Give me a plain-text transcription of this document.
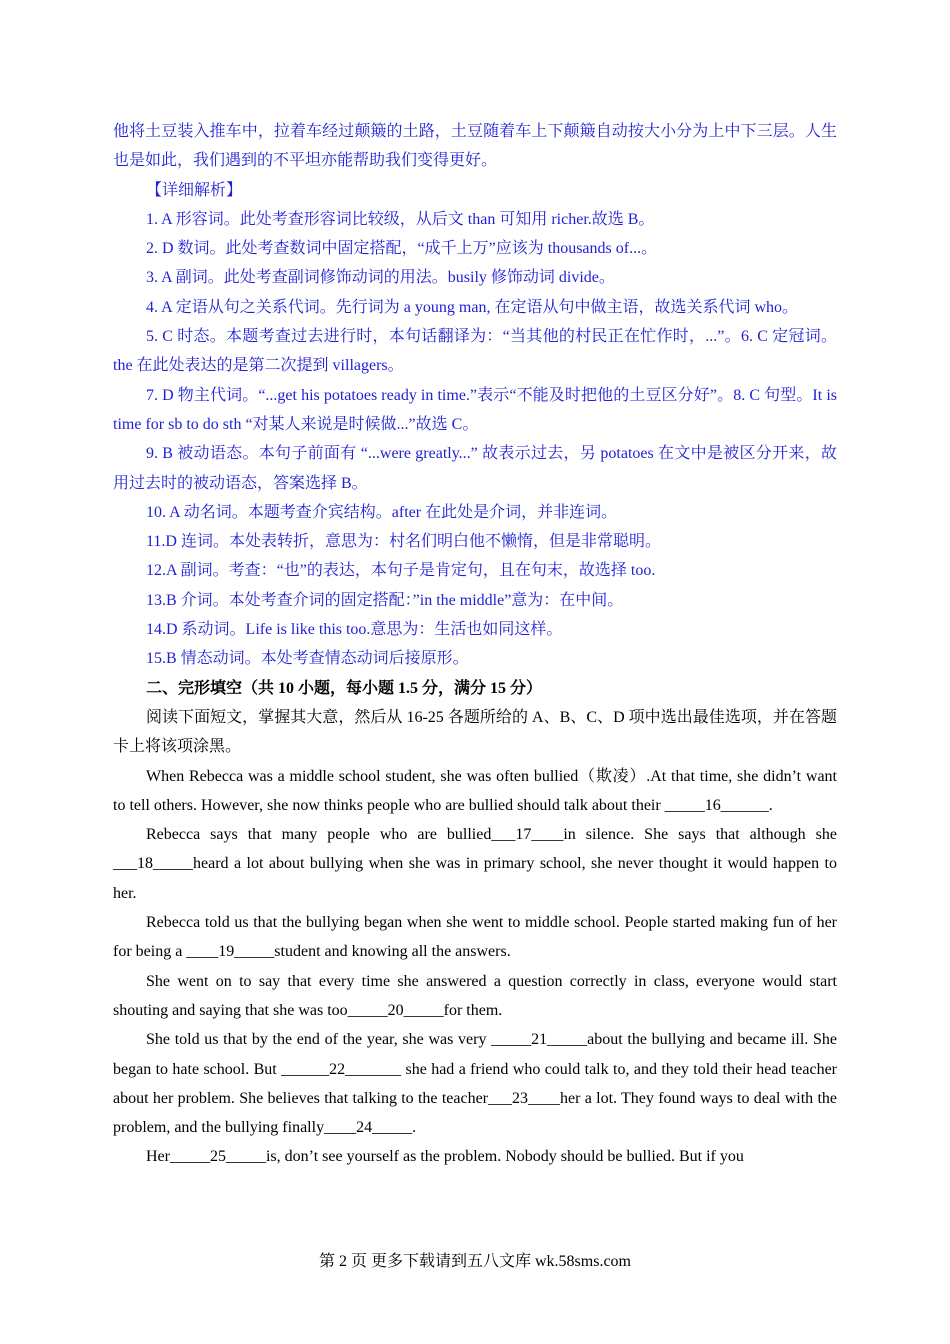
他将土豆装入推车中，拉着车经过颠簸的土路，土豆随着车上下颠簸自动按大小分为上中下三层。人生也是如此，我们遇到的不平坦亦能帮助我们变得更好。

【详细解析】

1. A 形容词。此处考查形容词比较级，从后文 than 可知用 richer.故选 B。

2. D 数词。此处考查数词中固定搭配，“成千上万”应该为 thousands of...。

3. A 副词。此处考查副词修饰动词的用法。busily 修饰动词 divide。

4. A 定语从句之关系代词。先行词为 a young man, 在定语从句中做主语，故选关系代词 who。

5. C 时态。本题考查过去进行时，本句话翻译为：“当其他的村民正在忙作时，...”。6. C 定冠词。the 在此处表达的是第二次提到 villagers。

7. D 物主代词。“...get his potatoes ready in time.”表示“不能及时把他的土豆区分好”。8. C 句型。It is time for sb to do sth “对某人来说是时候做...”故选 C。

9. B 被动语态。本句子前面有 “...were greatly...” 故表示过去，另 potatoes 在文中是被区分开来，故用过去时的被动语态，答案选择 B。

10. A 动名词。本题考查介宾结构。after 在此处是介词，并非连词。

11.D 连词。本处表转折，意思为：村名们明白他不懒惰，但是非常聪明。

12.A 副词。考查：“也”的表达，本句子是肯定句，且在句末，故选择 too.

13.B 介词。本处考查介词的固定搭配：”in the middle”意为：在中间。

14.D 系动词。Life is like this too.意思为：生活也如同这样。

15.B 情态动词。本处考查情态动词后接原形。

二、完形填空（共 10 小题，每小题 1.5 分，满分 15 分）

阅读下面短文，掌握其大意，然后从 16-25 各题所给的 A、B、C、D 项中选出最佳选项，并在答题卡上将该项涂黑。

When Rebecca was a middle school student, she was often bullied（欺凌）.At that time, she didn’t want to tell others. However, she now thinks people who are bullied should talk about their _____16______.

Rebecca says that many people who are bullied___17____in silence. She says that although she ___18_____heard a lot about bullying when she was in primary school, she never thought it would happen to her.

Rebecca told us that the bullying began when she went to middle school. People started making fun of her for being a ____19_____student and knowing all the answers.

She went on to say that every time she answered a question correctly in class, everyone would start shouting and saying that she was too_____20_____for them.

She told us that by the end of the year, she was very _____21_____about the bullying and became ill. She began to hate school. But ______22_______ she had a friend who could talk to, and they told their head teacher about her problem. She believes that talking to the teacher___23____her a lot. They found ways to deal with the problem, and the bullying finally____24_____.

Her_____25_____is, don’t see yourself as the problem. Nobody should be bullied. But if you

第 2 页 更多下载请到五八文库 wk.58sms.com
